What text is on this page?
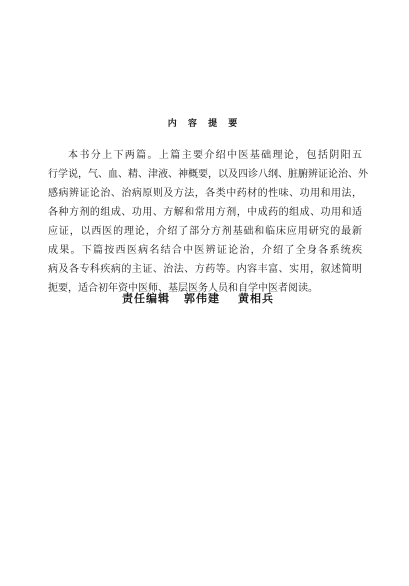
内 容 提 要
本书分上下两篇。上篇主要介绍中医基础理论，包括阴阳五
行学说，气、血、精、津液、神概要，以及四诊八纲、脏腑辨证论治、外
感病辨证论治、治病原则及方法，各类中药材的性味、功用和用法，
各种方剂的组成、功用、方解和常用方剂，中成药的组成、功用和适
应证，以西医的理论，介绍了部分方剂基础和临床应用研究的最新
成果。下篇按西医病名结合中医辨证论治，介绍了全身各系统疾
病及各专科疾病的主证、治法、方药等。内容丰富、实用，叙述简明
扼要，适合初年资中医师、基层医务人员和自学中医者阅读。
责任编辑 郭伟建 黄相兵
